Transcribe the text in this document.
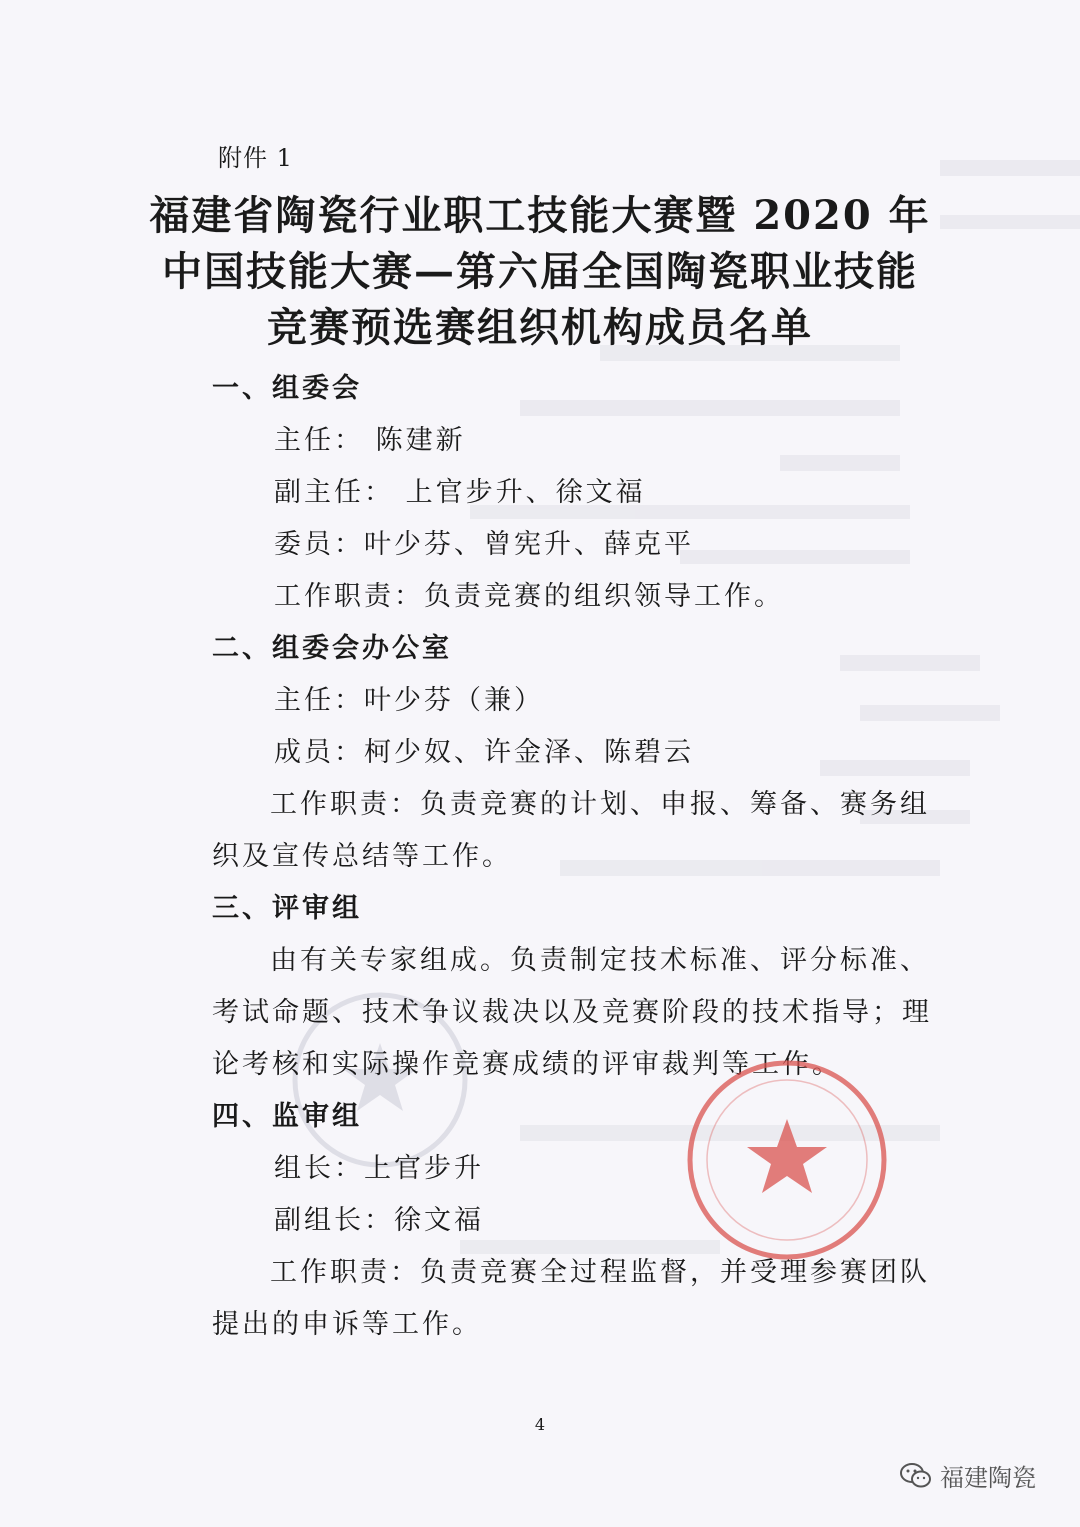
附件 1
福建省陶瓷行业职工技能大赛暨 2020 年
中国技能大赛—第六届全国陶瓷职业技能
竞赛预选赛组织机构成员名单

一、组委会

主任： 陈建新

副主任： 上官步升、徐文福

委员：叶少芬、曾宪升、薛克平

工作职责：负责竞赛的组织领导工作。

二、组委会办公室

主任：叶少芬（兼）

成员：柯少奴、许金泽、陈碧云

工作职责：负责竞赛的计划、申报、筹备、赛务组织及宣传总结等工作。

三、评审组

由有关专家组成。负责制定技术标准、评分标准、考试命题、技术争议裁决以及竞赛阶段的技术指导；理论考核和实际操作竞赛成绩的评审裁判等工作。

四、监审组

组长：上官步升

副组长：徐文福

工作职责：负责竞赛全过程监督，并受理参赛团队提出的申诉等工作。

4
福建陶瓷
